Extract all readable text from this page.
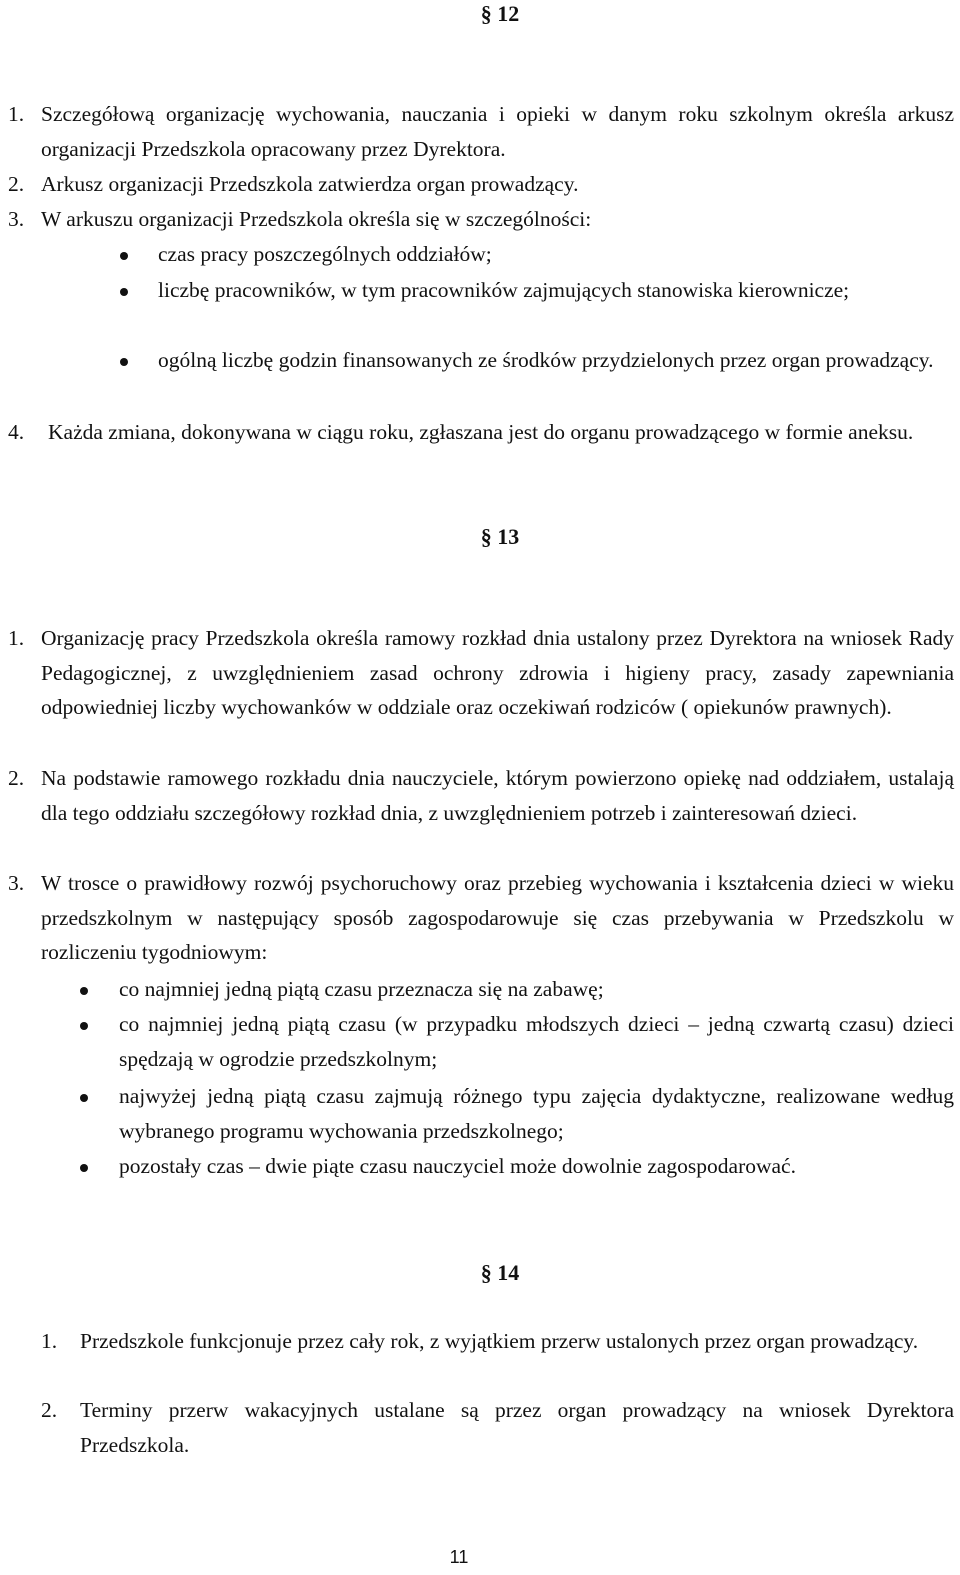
§ 12
1. Szczegółową organizację wychowania, nauczania i opieki w danym roku szkolnym określa arkusz organizacji Przedszkola opracowany przez Dyrektora.
2. Arkusz organizacji Przedszkola zatwierdza organ prowadzący.
3. W arkuszu organizacji Przedszkola określa się w szczególności:
czas pracy poszczególnych oddziałów;
liczbę pracowników, w tym pracowników zajmujących stanowiska kierownicze;
ogólną liczbę godzin finansowanych ze środków przydzielonych przez organ prowadzący.
4.	Każda zmiana, dokonywana w ciągu roku, zgłaszana jest do organu prowadzącego w formie aneksu.
§ 13
1. Organizację pracy Przedszkola określa ramowy rozkład dnia ustalony przez Dyrektora na wniosek Rady Pedagogicznej, z uwzględnieniem zasad ochrony zdrowia i higieny pracy, zasady zapewniania odpowiedniej liczby wychowanków w oddziale oraz oczekiwań rodziców ( opiekunów prawnych).
2. Na podstawie ramowego rozkładu dnia nauczyciele, którym powierzono opiekę nad oddziałem, ustalają dla tego oddziału szczegółowy rozkład dnia, z uwzględnieniem potrzeb i zainteresowań dzieci.
3. W trosce o prawidłowy rozwój psychoruchowy oraz przebieg wychowania i kształcenia dzieci w wieku przedszkolnym w następujący sposób zagospodarowuje się czas przebywania w Przedszkolu w rozliczeniu tygodniowym:
co najmniej jedną piątą czasu przeznacza się na zabawę;
co najmniej jedną piątą czasu (w przypadku młodszych dzieci – jedną czwartą czasu) dzieci spędzają w ogrodzie przedszkolnym;
najwyżej jedną piątą czasu zajmują różnego typu zajęcia dydaktyczne, realizowane według wybranego programu wychowania przedszkolnego;
pozostały czas – dwie piąte czasu nauczyciel może dowolnie zagospodarować.
§ 14
1. Przedszkole funkcjonuje przez cały rok, z wyjątkiem przerw ustalonych przez organ prowadzący.
2. Terminy przerw wakacyjnych ustalane są przez organ prowadzący na wniosek Dyrektora Przedszkola.
11
